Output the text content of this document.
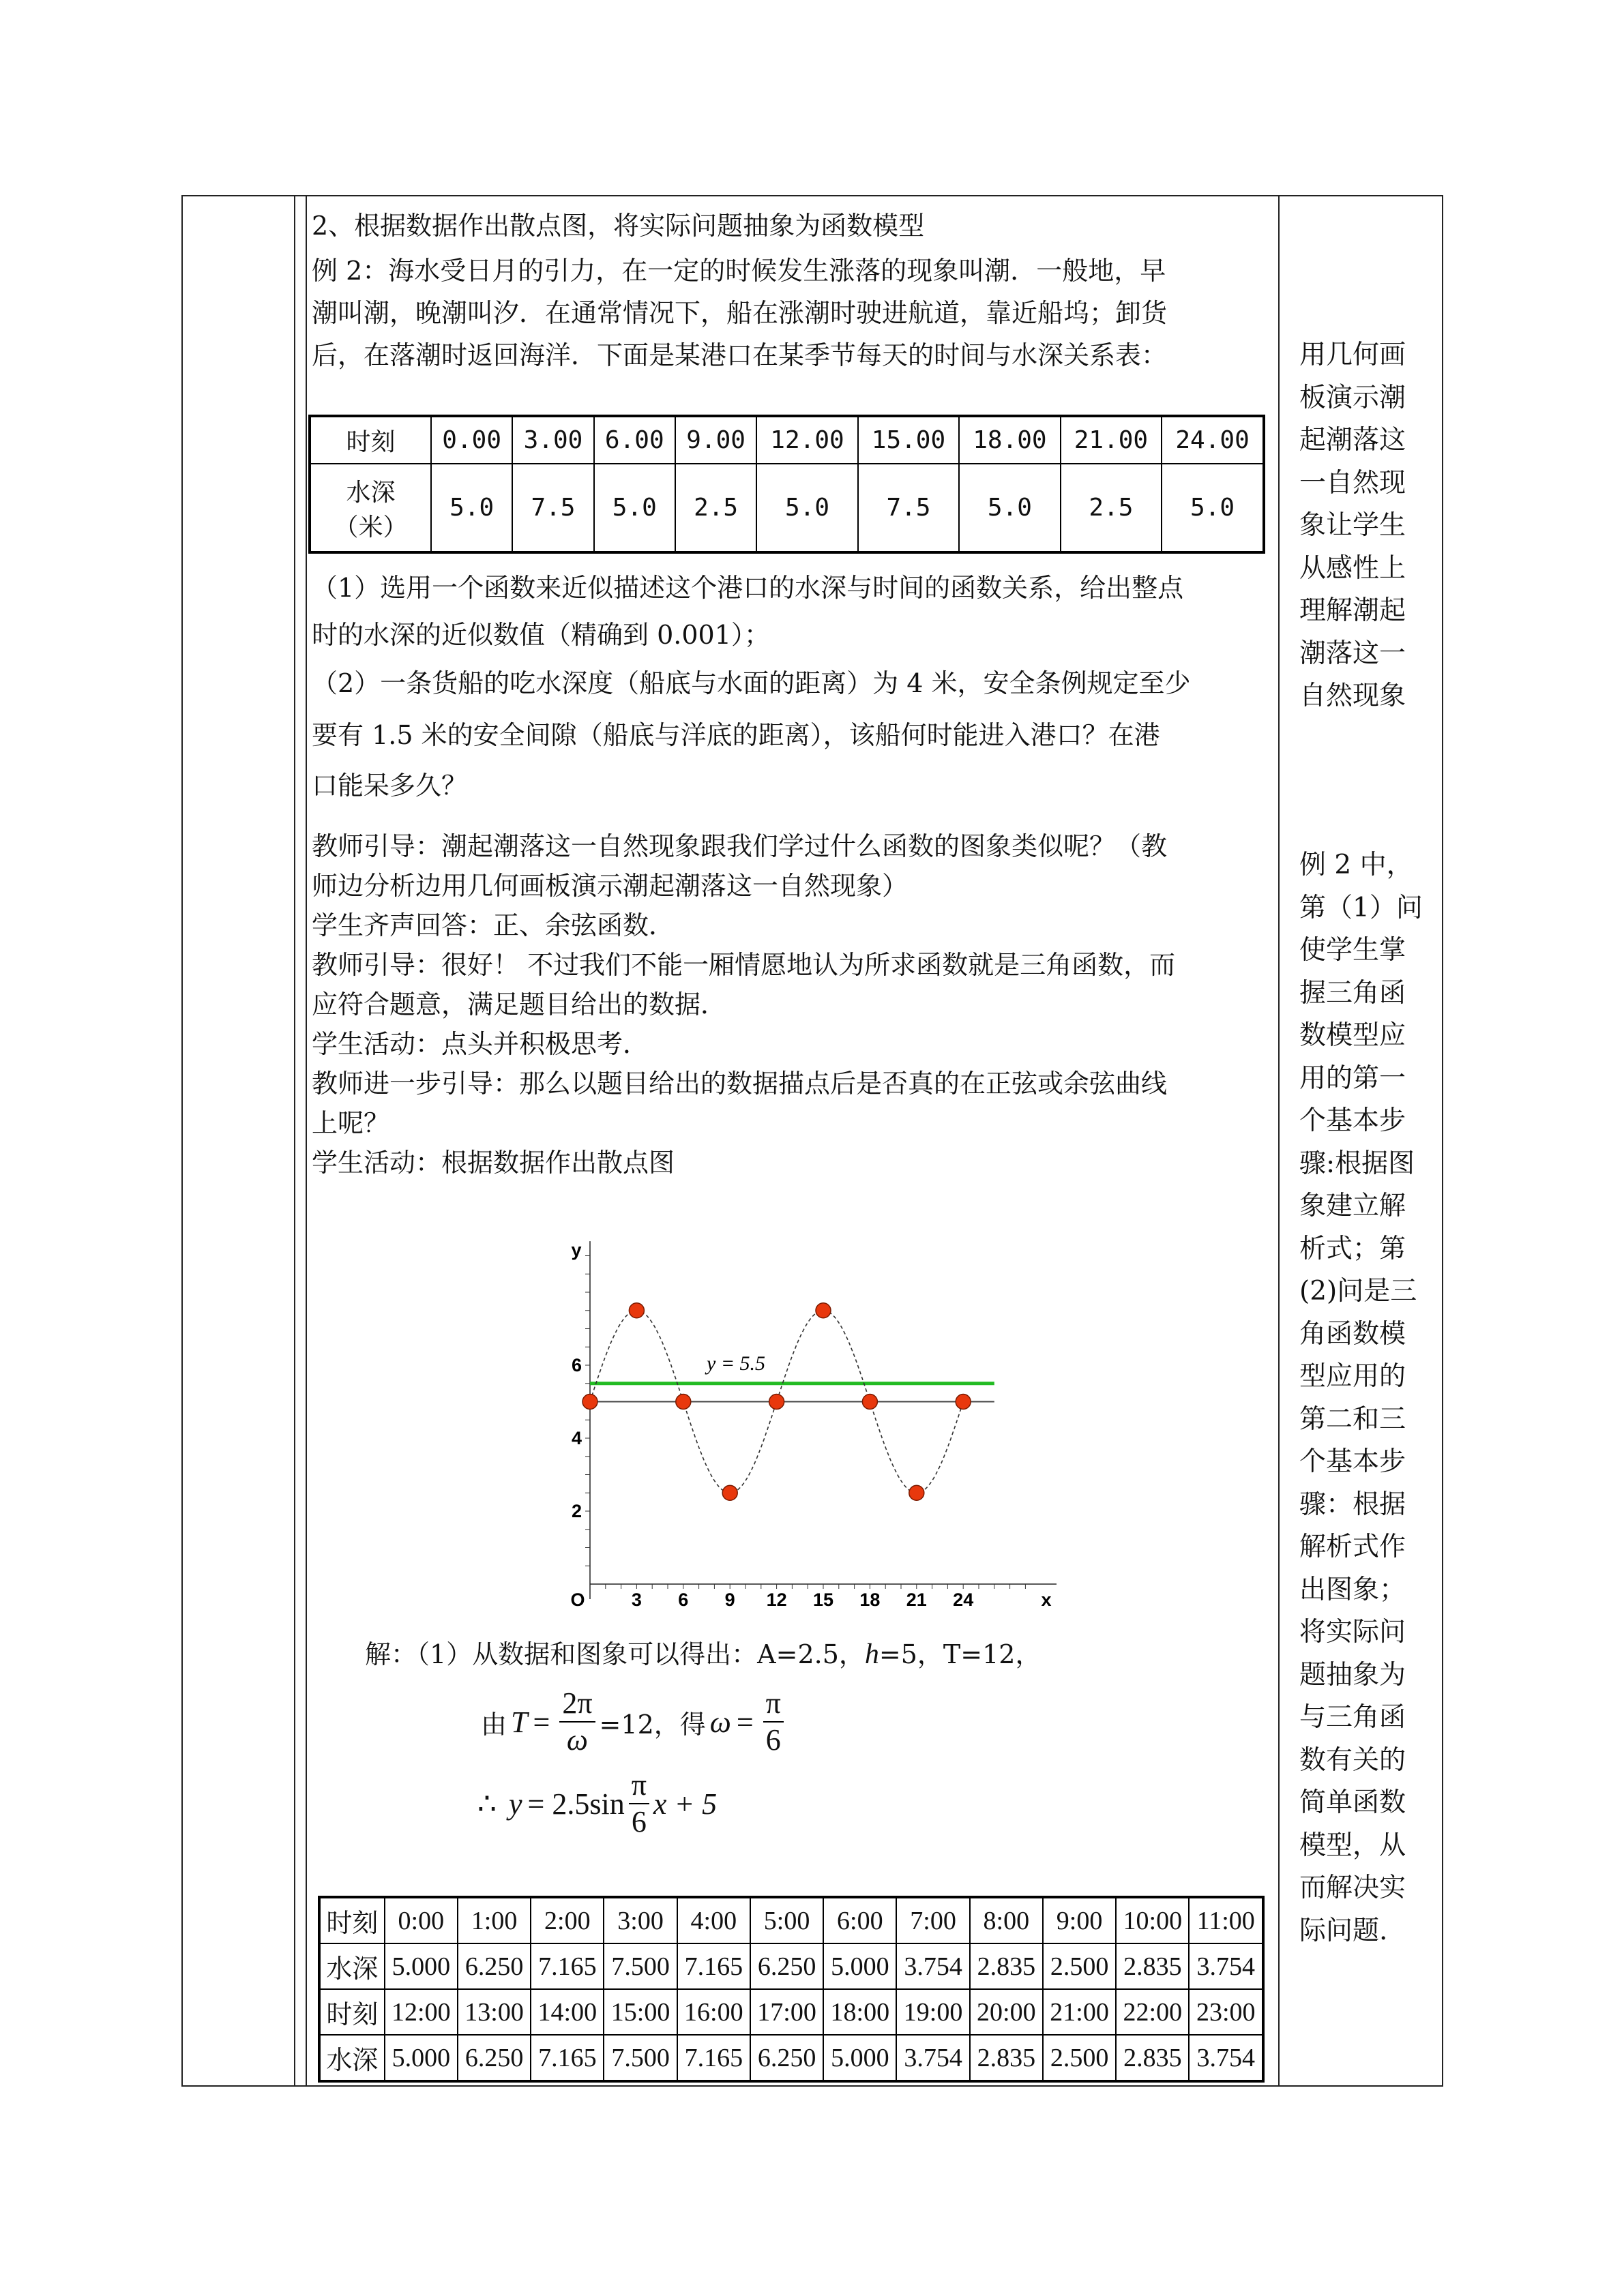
2、根据数据作出散点图，将实际问题抽象为函数模型

例 2：海水受日月的引力，在一定的时候发生涨落的现象叫潮．一般地，早

潮叫潮，晚潮叫汐．在通常情况下，船在涨潮时驶进航道，靠近船坞；卸货

后，在落潮时返回海洋．下面是某港口在某季节每天的时间与水深关系表：

时刻	0.00	3.00	6.00	9.00	12.00	15.00	18.00	21.00	24.00

水深
（米）	5.0	7.5	5.0	2.5	5.0	7.5	5.0	2.5	5.0

（1）选用一个函数来近似描述这个港口的水深与时间的函数关系，给出整点

时的水深的近似数值（精确到 0.001）；

（2）一条货船的吃水深度（船底与水面的距离）为 4 米，安全条例规定至少

要有 1.5 米的安全间隙（船底与洋底的距离），该船何时能进入港口？在港

口能呆多久？

教师引导：潮起潮落这一自然现象跟我们学过什么函数的图象类似呢？（教

师边分析边用几何画板演示潮起潮落这一自然现象）

学生齐声回答：正、余弦函数．

教师引导：很好！ 不过我们不能一厢情愿地认为所求函数就是三角函数，而

应符合题意，满足题目给出的数据．

学生活动：点头并积极思考．

教师进一步引导：那么以题目给出的数据描点后是否真的在正弦或余弦曲线

上呢？

学生活动：根据数据作出散点图

3 6 9 12 15 18 21 24
2
4
6
O	x
y
y = 5.5
解：（1）从数据和图象可以得出：A=2.5，h=5，T=12，
由 $T = \frac{2\pi}{\omega} =12$，得 $\omega = \frac{\pi}{6}$
∴ $y = 2.5\sin \frac{\pi}{6}$ x + 5
时刻	0:00	1:00	2:00	3:00	4:00	5:00	6:00	7:00	8:00	9:00	10:00	11:00
水深	5.000	6.250	7.165	7.500	7.165	6.250	5.000	3.754	2.835	2.500	2.835	3.754
时刻	12:00	13:00	14:00	15:00	16:00	17:00	18:00	19:00	20:00	21:00	22:00	23:00
水深	5.000	6.250	7.165	7.500	7.165	6.250	5.000	3.754	2.835	2.500	2.835	3.754
用几何画
板演示潮
起潮落这
一自然现
象让学生
从感性上
理解潮起
潮落这一
自然现象
例 2 中，
第（1）问
使学生掌
握三角函
数模型应
用的第一
个基本步
骤:根据图
象建立解
析式；第
(2)问是三
角函数模
型应用的
第二和三
个基本步
骤：根据
解析式作
出图象；
将实际问
题抽象为
与三角函
数有关的
简单函数
模型，从
而解决实
际问题.
